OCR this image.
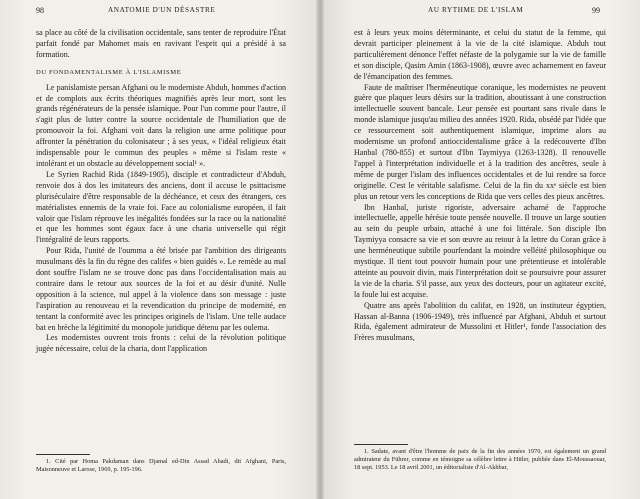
98	ANATOMIE D'UN DÉSASTRE

sa place au côté de la civilisation occidentale, sans tenter de reproduire l'État parfait fondé par Mahomet mais en ravivant l'esprit qui a présidé à sa formation.

DU FONDAMENTALISME À L'ISLAMISME

Le panislamiste persan Afghani ou le moderniste Abduh, hommes d'action et de complots aux écrits théoriques magnifiés après leur mort, sont les grands régénérateurs de la pensée islamique. Pour l'un comme pour l'autre, il s'agit plus de lutter contre la source occidentale de l'humiliation que de promouvoir la foi. Afghani voit dans la religion une arme politique pour affronter la pénétration du colonisateur ; à ses yeux, « l'idéal religieux était indispensable pour le commun des peuples » même si l'islam reste « intolérant et un obstacle au développement social¹ ».

Le Syrien Rachid Rida (1849-1905), disciple et contradicteur d'Abduh, renvoie dos à dos les imitateurs des anciens, dont il accuse le psittacisme pluriséculaire d'être responsable de la déchéance, et ceux des étrangers, ces matérialistes ennemis de la vraie foi. Face au colonialisme européen, il fait valoir que l'islam réprouve les inégalités fondées sur la race ou la nationalité et que les hommes sont égaux face à une charia universelle qui régit l'intégralité de leurs rapports.

Pour Rida, l'unité de l'oumma a été brisée par l'ambition des dirigeants musulmans dès la fin du règne des califes « bien guidés ». Le remède au mal dont souffre l'islam ne se trouve donc pas dans l'occidentalisation mais au contraire dans le retour aux sources de la foi et au désir d'unité. Nulle opposition à la science, nul appel à la violence dans son message : juste l'aspiration au renouveau et la revendication du principe de modernité, en tentant la conformité avec les principes originels de l'islam. Une telle audace bat en brèche la légitimité du monopole juridique détenu par les oulema.

Les modernistes ouvrent trois fronts : celui de la révolution politique jugée nécessaire, celui de la charia, dont l'application

1. Cité par Homa Pakdaman dans Djamal ed-Din Assad Abadi, dit Afghani, Paris, Maisonneuve et Larose, 1969, p. 195-196.

AU RYTHME DE L'ISLAM	99

est à leurs yeux moins déterminante, et celui du statut de la femme, qui devrait participer pleinement à la vie de la cité islamique. Abduh tout particulièrement dénonce l'effet néfaste de la polygamie sur la vie de famille et son disciple, Qasim Amin (1863-1908), œuvre avec acharnement en faveur de l'émancipation des femmes.

Faute de maîtriser l'herméneutique coranique, les modernistes ne peuvent guère que plaquer leurs désirs sur la tradition, aboutissant à une construction intellectuelle souvent bancale. Leur pensée est pourtant sans rivale dans le monde islamique jusqu'au milieu des années 1920. Rida, obsédé par l'idée que ce ressourcement soit authentiquement islamique, imprime alors au modernisme un profond antioccidentalisme grâce à la redécouverte d'Ibn Hanbal (780-855) et surtout d'Ibn Taymiyya (1263-1328). Il renouvelle l'appel à l'interprétation individuelle et à la tradition des ancêtres, seule à même de purger l'islam des influences occidentales et de lui rendre sa force originelle. C'est le véritable salafisme. Celui de la fin du xxᵉ siècle est bien plus un retour vers les conceptions de Rida que vers celles des pieux ancêtres.

Ibn Hanbal, juriste rigoriste, adversaire acharné de l'approche intellectuelle, appelle hérésie toute pensée nouvelle. Il trouve un large soutien au sein du peuple urbain, attaché à une foi littérale. Son disciple Ibn Taymiyya consacre sa vie et son œuvre au retour à la lettre du Coran grâce à une herméneutique subtile pourfendant la moindre velléité philosophique ou mystique. Il tient tout pouvoir humain pour une prétentieuse et intolérable atteinte au pouvoir divin, mais l'interprétation doit se poursuivre pour assurer la vie de la charia. S'il passe, aux yeux des docteurs, pour un agitateur excité, la foule lui est acquise.

Quatre ans après l'abolition du califat, en 1928, un instituteur égyptien, Hassan al-Banna (1906-1949), très influencé par Afghani, Abduh et surtout Rida, également admirateur de Mussolini et Hitler¹, fonde l'association des Frères musulmans,

1. Sadate, avant d'être l'homme de paix de la fin des années 1970, est également un grand admirateur du Führer, comme en témoigne sa célèbre lettre à Hitler, publiée dans El-Moussaouar, 18 sept. 1953. Le 18 avril 2001, un éditorialiste d'Al-Akhbar,
